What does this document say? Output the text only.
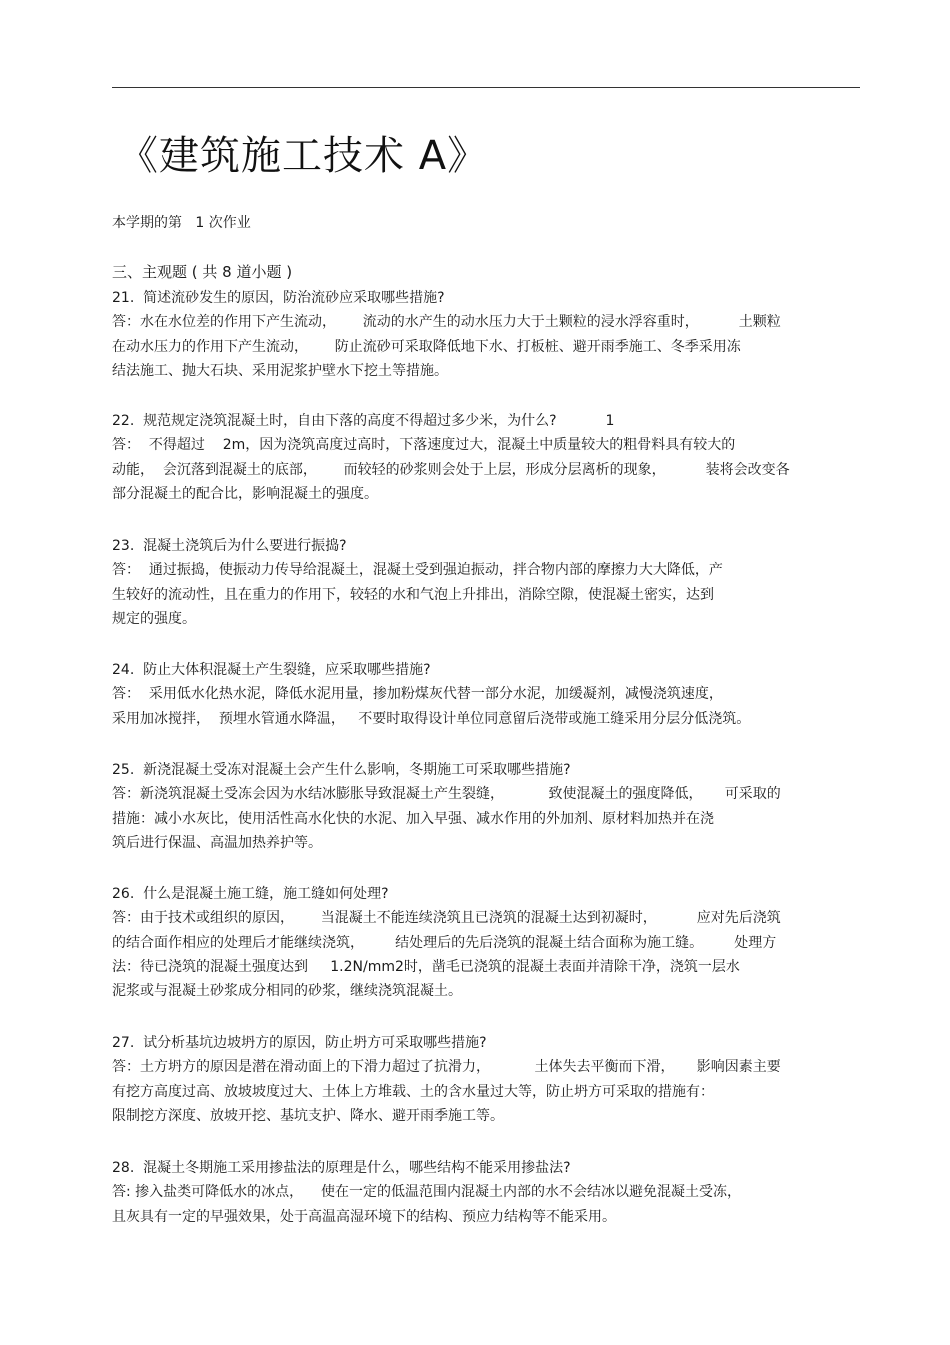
《建筑施工技术 A》
本学期的第   1 次作业
三、主观题 ( 共 8 道小题 )
21.  简述流砂发生的原因，防治流砂应采取哪些措施?
答：水在水位差的作用下产生流动，      流动的水产生的动水压力大于土颗粒的浸水浮容重时，         土颗粒
在动水压力的作用下产生流动，      防止流砂可采取降低地下水、打板桩、避开雨季施工、冬季采用冻
结法施工、抛大石块、采用泥浆护壁水下挖土等措施。
22.  规范规定浇筑混凝土时，自由下落的高度不得超过多少米，为什么?           1
答：  不得超过    2m，因为浇筑高度过高时，下落速度过大，混凝土中质量较大的粗骨料具有较大的
动能，  会沉落到混凝土的底部，      而较轻的砂浆则会处于上层，形成分层离析的现象，         装将会改变各
部分混凝土的配合比，影响混凝土的强度。
23.  混凝土浇筑后为什么要进行振捣?
答：  通过振捣，使振动力传导给混凝土，混凝土受到强迫振动，拌合物内部的摩擦力大大降低，产
生较好的流动性，且在重力的作用下，较轻的水和气泡上升排出，消除空隙，使混凝土密实，达到
规定的强度。
24.  防止大体积混凝土产生裂缝，应采取哪些措施?
答：  采用低水化热水泥，降低水泥用量，掺加粉煤灰代替一部分水泥，加缓凝剂，减慢浇筑速度，
采用加冰搅拌，  预埋水管通水降温，   不要时取得设计单位同意留后浇带或施工缝采用分层分低浇筑。
25.  新浇混凝土受冻对混凝土会产生什么影响，冬期施工可采取哪些措施?
答：新浇筑混凝土受冻会因为水结冰膨胀导致混凝土产生裂缝，          致使混凝土的强度降低，     可采取的
措施：减小水灰比，使用活性高水化快的水泥、加入早强、减水作用的外加剂、原材料加热并在浇
筑后进行保温、高温加热养护等。
26.  什么是混凝土施工缝，施工缝如何处理?
答：由于技术或组织的原因，      当混凝土不能连续浇筑且已浇筑的混凝土达到初凝时，         应对先后浇筑
的结合面作相应的处理后才能继续浇筑，       结处理后的先后浇筑的混凝土结合面称为施工缝。       处理方
法：待已浇筑的混凝土强度达到     1.2N/mm2时，凿毛已浇筑的混凝土表面并清除干净，浇筑一层水
泥浆或与混凝土砂浆成分相同的砂浆，继续浇筑混凝土。
27.  试分析基坑边坡坍方的原因，防止坍方可采取哪些措施?
答：土方坍方的原因是潜在滑动面上的下滑力超过了抗滑力，          土体失去平衡而下滑，     影响因素主要
有挖方高度过高、放坡坡度过大、土体上方堆载、土的含水量过大等，防止坍方可采取的措施有：
限制挖方深度、放坡开挖、基坑支护、降水、避开雨季施工等。
28.  混凝土冬期施工采用掺盐法的原理是什么，哪些结构不能采用掺盐法?
答: 掺入盐类可降低水的冰点，    使在一定的低温范围内混凝土内部的水不会结冰以避免混凝土受冻，
且灰具有一定的早强效果，处于高温高湿环境下的结构、预应力结构等不能采用。
